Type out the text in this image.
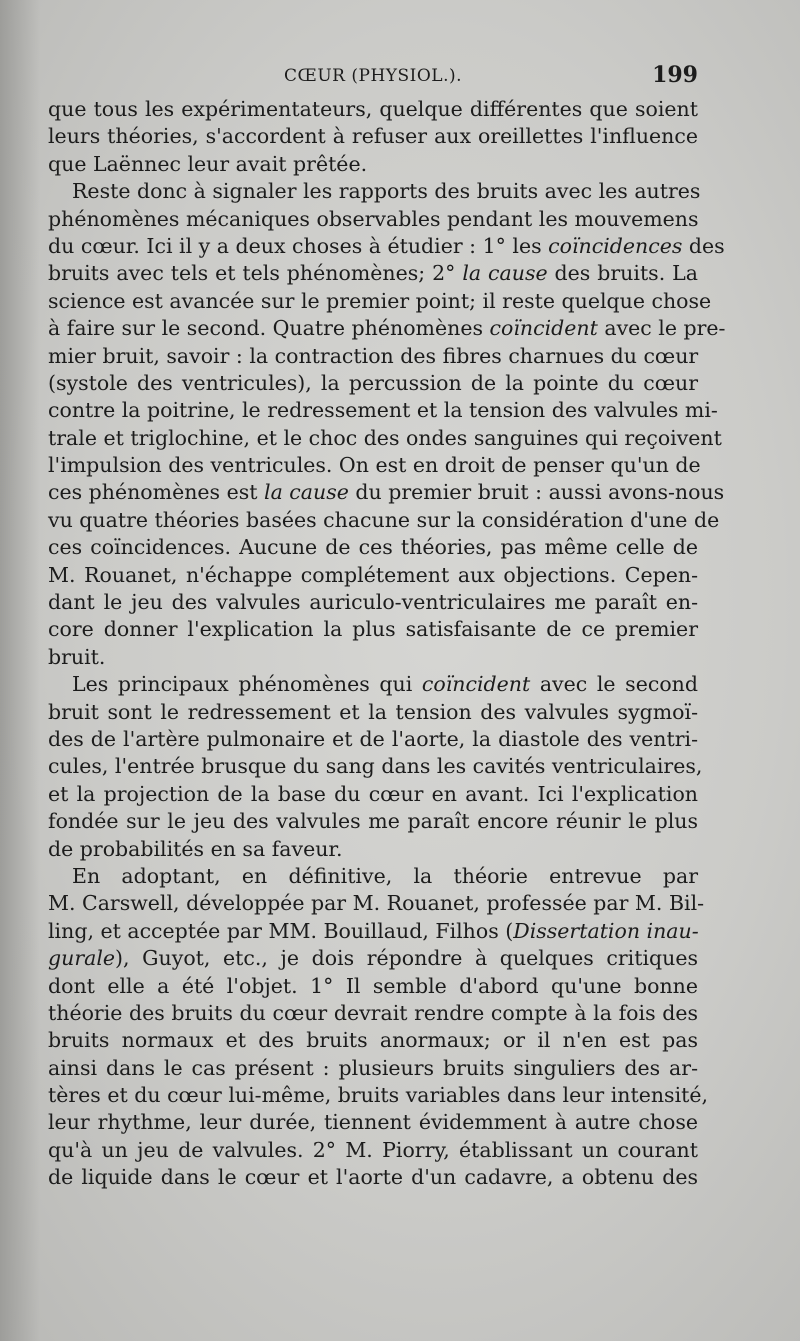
CŒUR (PHYSIOL.).	199
que tous les expérimentateurs, quelque différentes que soient
leurs théories, s'accordent à refuser aux oreillettes l'influence
que Laënnec leur avait prêtée.
Reste donc à signaler les rapports des bruits avec les autres
phénomènes mécaniques observables pendant les mouvemens
du cœur. Ici il y a deux choses à étudier : 1° les coïncidences des
bruits avec tels et tels phénomènes; 2° la cause des bruits. La
science est avancée sur le premier point; il reste quelque chose
à faire sur le second. Quatre phénomènes coïncident avec le pre-
mier bruit, savoir : la contraction des fibres charnues du cœur
(systole des ventricules), la percussion de la pointe du cœur
contre la poitrine, le redressement et la tension des valvules mi-
trale et triglochine, et le choc des ondes sanguines qui reçoivent
l'impulsion des ventricules. On est en droit de penser qu'un de
ces phénomènes est la cause du premier bruit : aussi avons-nous
vu quatre théories basées chacune sur la considération d'une de
ces coïncidences. Aucune de ces théories, pas même celle de
M. Rouanet, n'échappe complétement aux objections. Cepen-
dant le jeu des valvules auriculo-ventriculaires me paraît en-
core donner l'explication la plus satisfaisante de ce premier
bruit.
Les principaux phénomènes qui coïncident avec le second
bruit sont le redressement et la tension des valvules sygmoï-
des de l'artère pulmonaire et de l'aorte, la diastole des ventri-
cules, l'entrée brusque du sang dans les cavités ventriculaires,
et la projection de la base du cœur en avant. Ici l'explication
fondée sur le jeu des valvules me paraît encore réunir le plus
de probabilités en sa faveur.
En adoptant, en définitive, la théorie entrevue par
M. Carswell, développée par M. Rouanet, professée par M. Bil-
ling, et acceptée par MM. Bouillaud, Filhos (Dissertation inau-
gurale), Guyot, etc., je dois répondre à quelques critiques
dont elle a été l'objet. 1° Il semble d'abord qu'une bonne
théorie des bruits du cœur devrait rendre compte à la fois des
bruits normaux et des bruits anormaux; or il n'en est pas
ainsi dans le cas présent : plusieurs bruits singuliers des ar-
tères et du cœur lui-même, bruits variables dans leur intensité,
leur rhythme, leur durée, tiennent évidemment à autre chose
qu'à un jeu de valvules. 2° M. Piorry, établissant un courant
de liquide dans le cœur et l'aorte d'un cadavre, a obtenu des
